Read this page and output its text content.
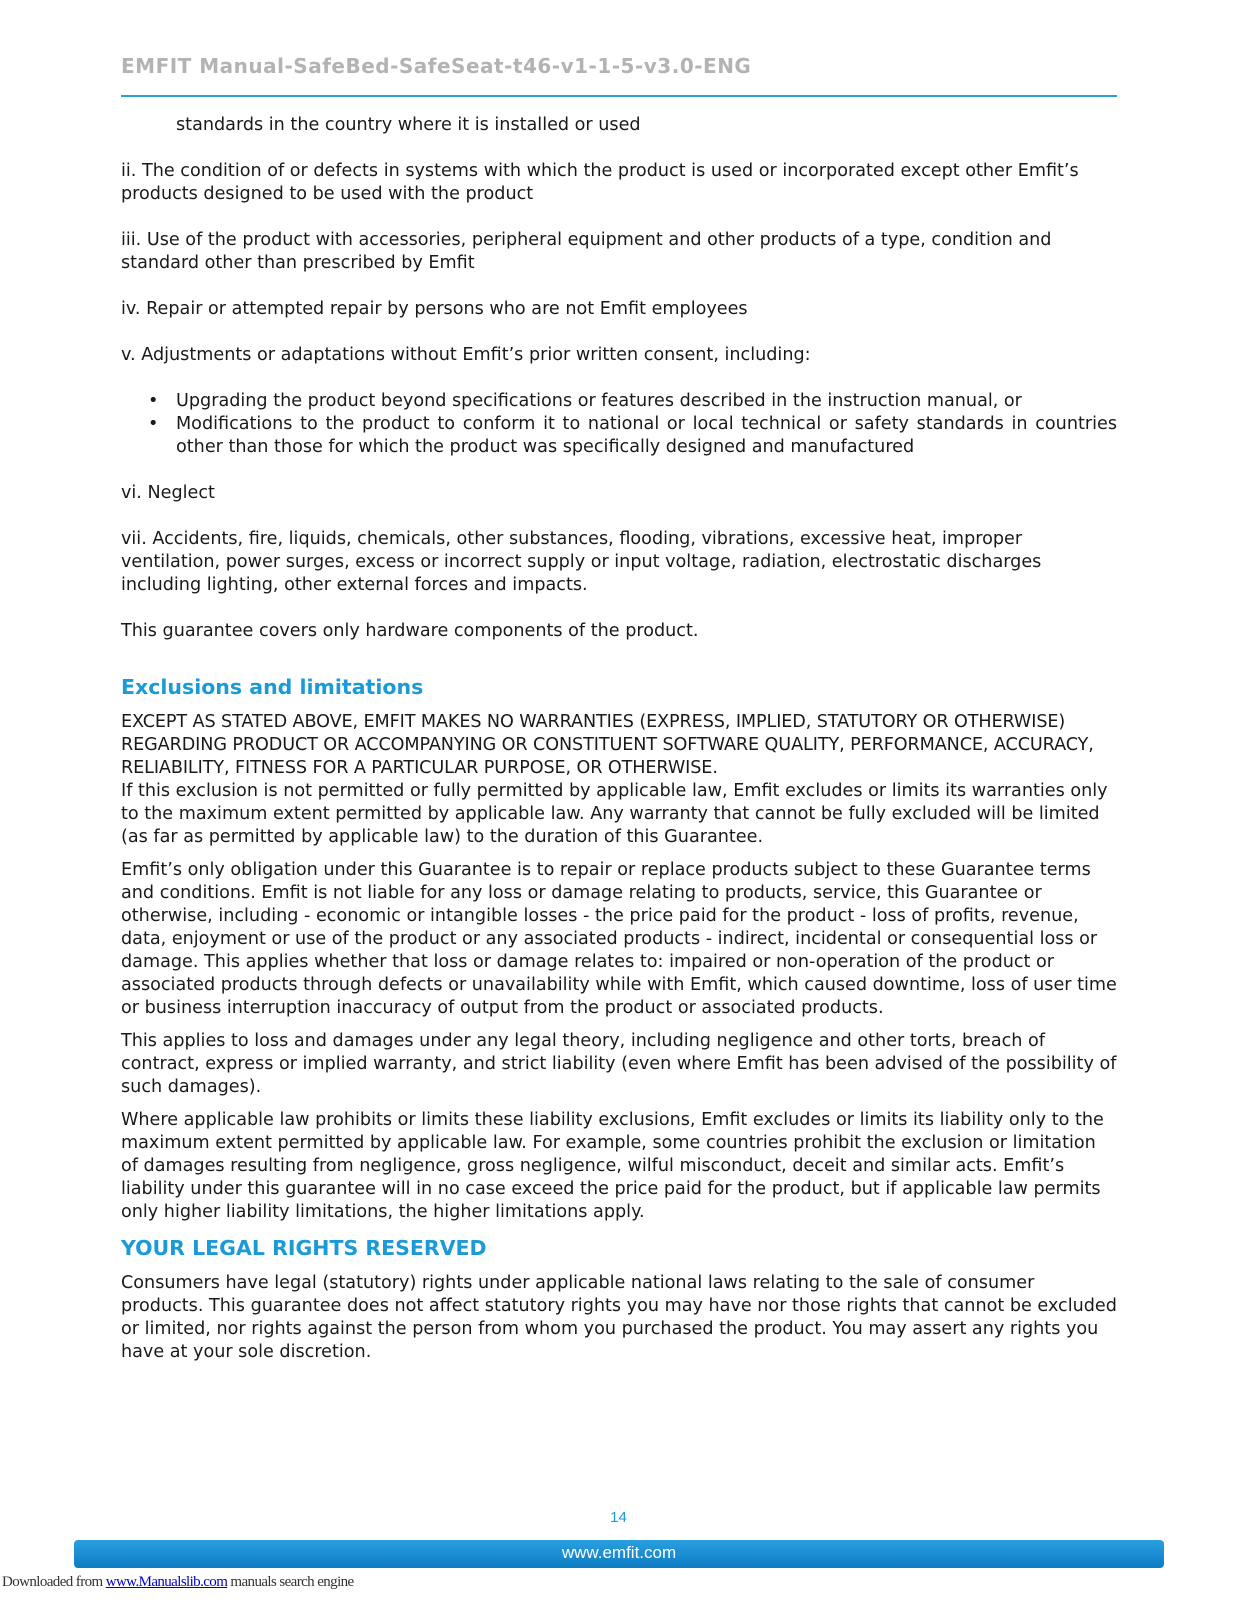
EMFIT Manual-SafeBed-SafeSeat-t46-v1-1-5-v3.0-ENG

standards in the country where it is installed or used

ii. The condition of or defects in systems with which the product is used or incorporated except other Emfit’s products designed to be used with the product

iii. Use of the product with accessories, peripheral equipment and other products of a type, condition and standard other than prescribed by Emfit

iv. Repair or attempted repair by persons who are not Emfit employees

v. Adjustments or adaptations without Emfit’s prior written consent, including:

• Upgrading the product beyond specifications or features described in the instruction manual, or
• Modifications to the product to conform it to national or local technical or safety standards in countries other than those for which the product was specifically designed and manufactured

vi. Neglect

vii. Accidents, fire, liquids, chemicals, other substances, flooding, vibrations, excessive heat, improper ventilation, power surges, excess or incorrect supply or input voltage, radiation, electrostatic discharges including lighting, other external forces and impacts.

This guarantee covers only hardware components of the product.

Exclusions and limitations

EXCEPT AS STATED ABOVE, EMFIT MAKES NO WARRANTIES (EXPRESS, IMPLIED, STATUTORY OR OTHERWISE) REGARDING PRODUCT OR ACCOMPANYING OR CONSTITUENT SOFTWARE QUALITY, PERFORMANCE, ACCURACY, RELIABILITY, FITNESS FOR A PARTICULAR PURPOSE, OR OTHERWISE.
If this exclusion is not permitted or fully permitted by applicable law, Emfit excludes or limits its warranties only to the maximum extent permitted by applicable law. Any warranty that cannot be fully excluded will be limited (as far as permitted by applicable law) to the duration of this Guarantee.

Emfit’s only obligation under this Guarantee is to repair or replace products subject to these Guarantee terms and conditions. Emfit is not liable for any loss or damage relating to products, service, this Guarantee or otherwise, including - economic or intangible losses - the price paid for the product - loss of profits, revenue, data, enjoyment or use of the product or any associated products - indirect, incidental or consequential loss or damage. This applies whether that loss or damage relates to: impaired or non-operation of the product or associated products through defects or unavailability while with Emfit, which caused downtime, loss of user time or business interruption inaccuracy of output from the product or associated products.

This applies to loss and damages under any legal theory, including negligence and other torts, breach of contract, express or implied warranty, and strict liability (even where Emfit has been advised of the possibility of such damages).

Where applicable law prohibits or limits these liability exclusions, Emfit excludes or limits its liability only to the maximum extent permitted by applicable law. For example, some countries prohibit the exclusion or limitation of damages resulting from negligence, gross negligence, wilful misconduct, deceit and similar acts. Emfit’s liability under this guarantee will in no case exceed the price paid for the product, but if applicable law permits only higher liability limitations, the higher limitations apply.

YOUR LEGAL RIGHTS RESERVED

Consumers have legal (statutory) rights under applicable national laws relating to the sale of consumer products. This guarantee does not affect statutory rights you may have nor those rights that cannot be excluded or limited, nor rights against the person from whom you purchased the product. You may assert any rights you have at your sole discretion.

14
www.emfit.com
Downloaded from www.Manualslib.com manuals search engine
